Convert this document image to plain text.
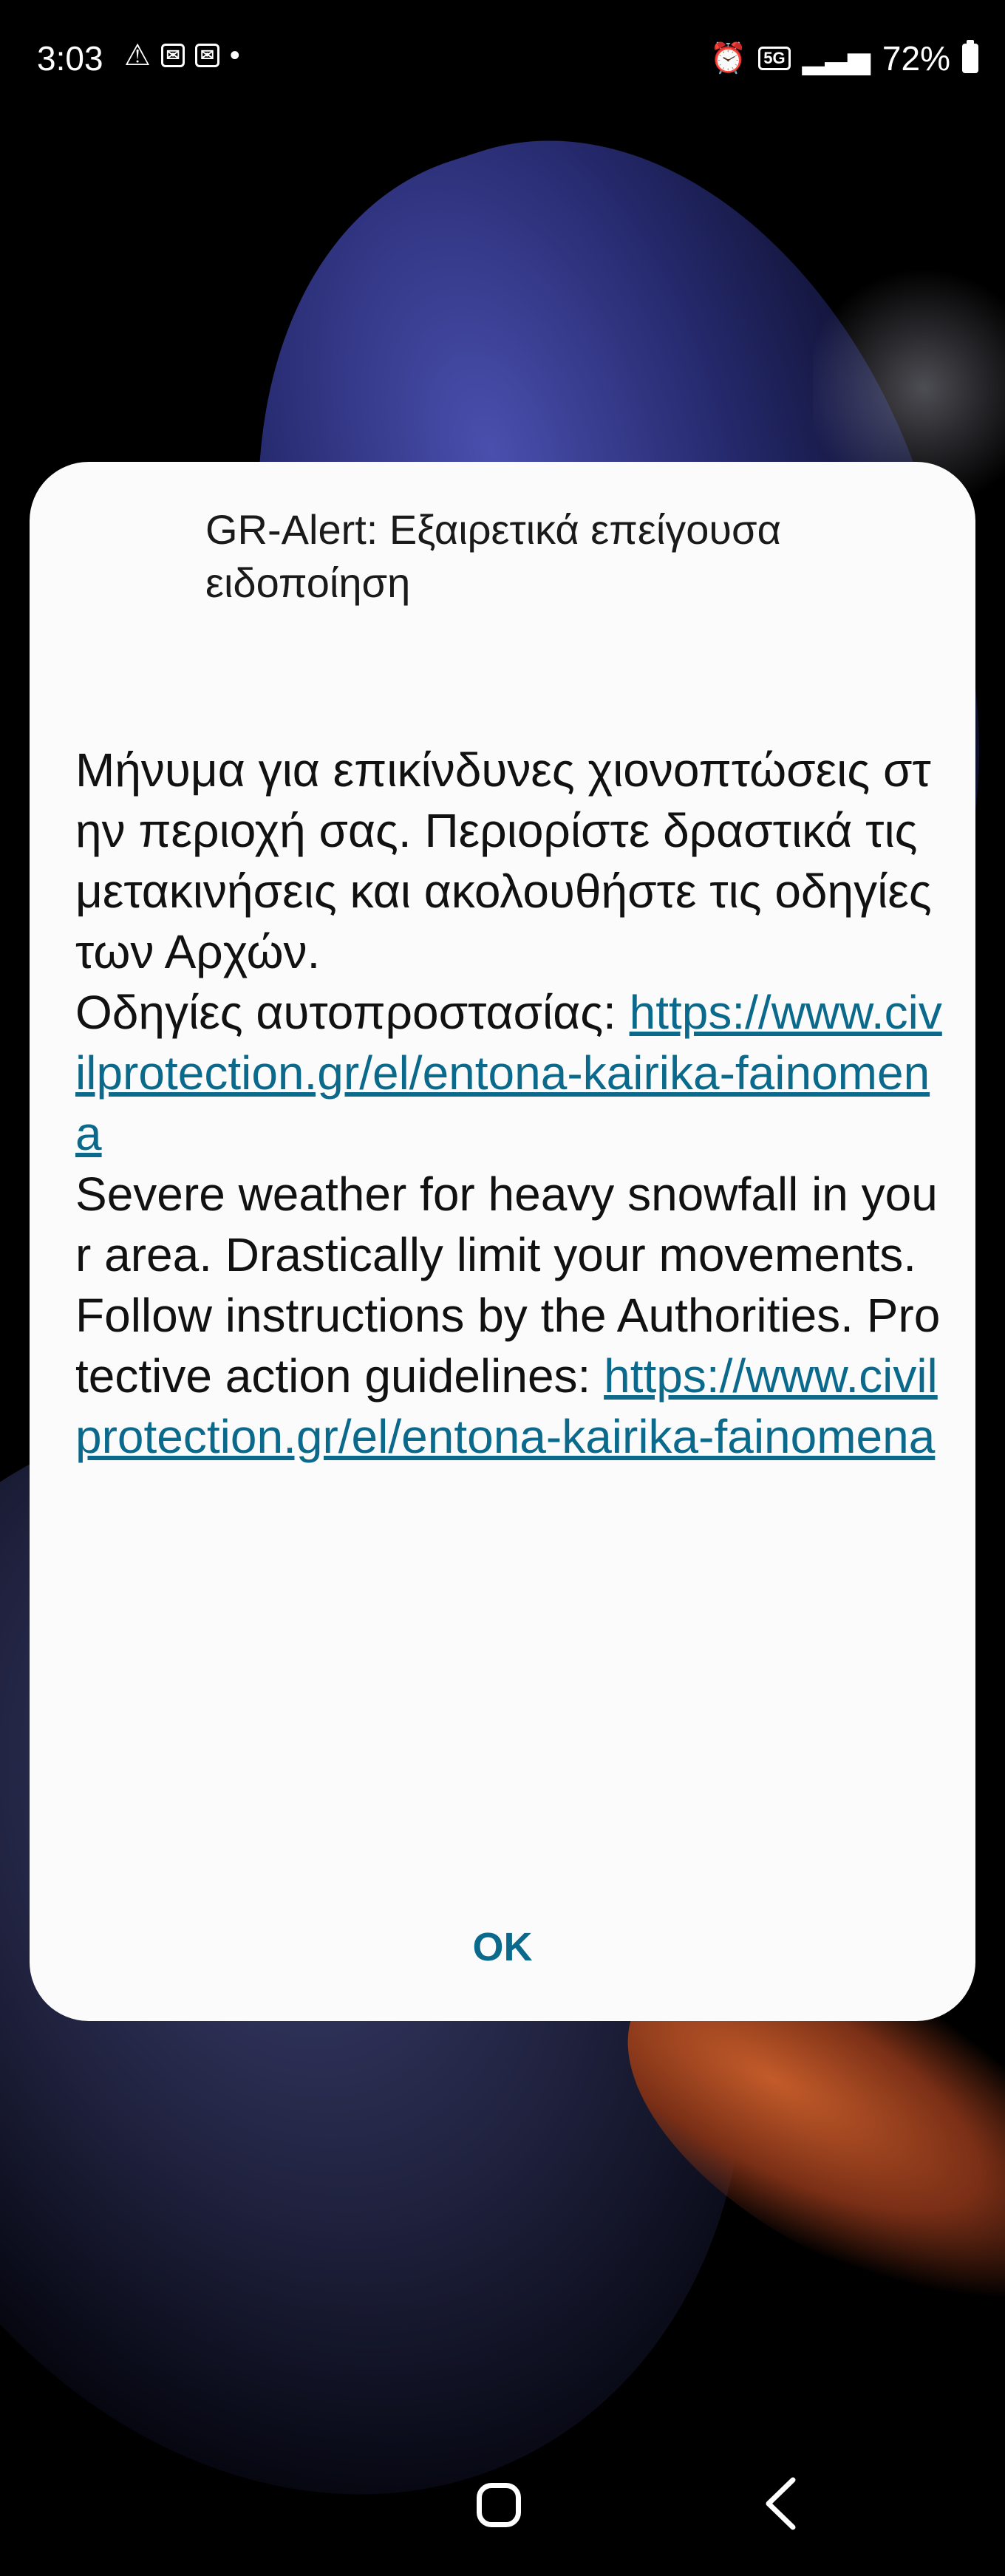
3:03 ⚠ ✉	✉ •	⏰	5G ▂▃▅ 72%
GR-Alert: Εξαιρετικά επείγουσα ειδοποίηση

Μήνυμα για επικίνδυνες χιονοπτώσεις στην περιοχή σας. Περιορίστε δραστικά τις μετακινήσεις και ακολουθήστε τις οδηγίες των Αρχών.

Οδηγίες αυτοπροστασίας: https://www.civilprotection.gr/el/entona-kairika-fainomena

Severe weather for heavy snowfall in your area. Drastically limit your movements.

Follow instructions by the Authorities. Protective action guidelines: https://www.civilprotection.gr/el/entona-kairika-fainomena

OK
